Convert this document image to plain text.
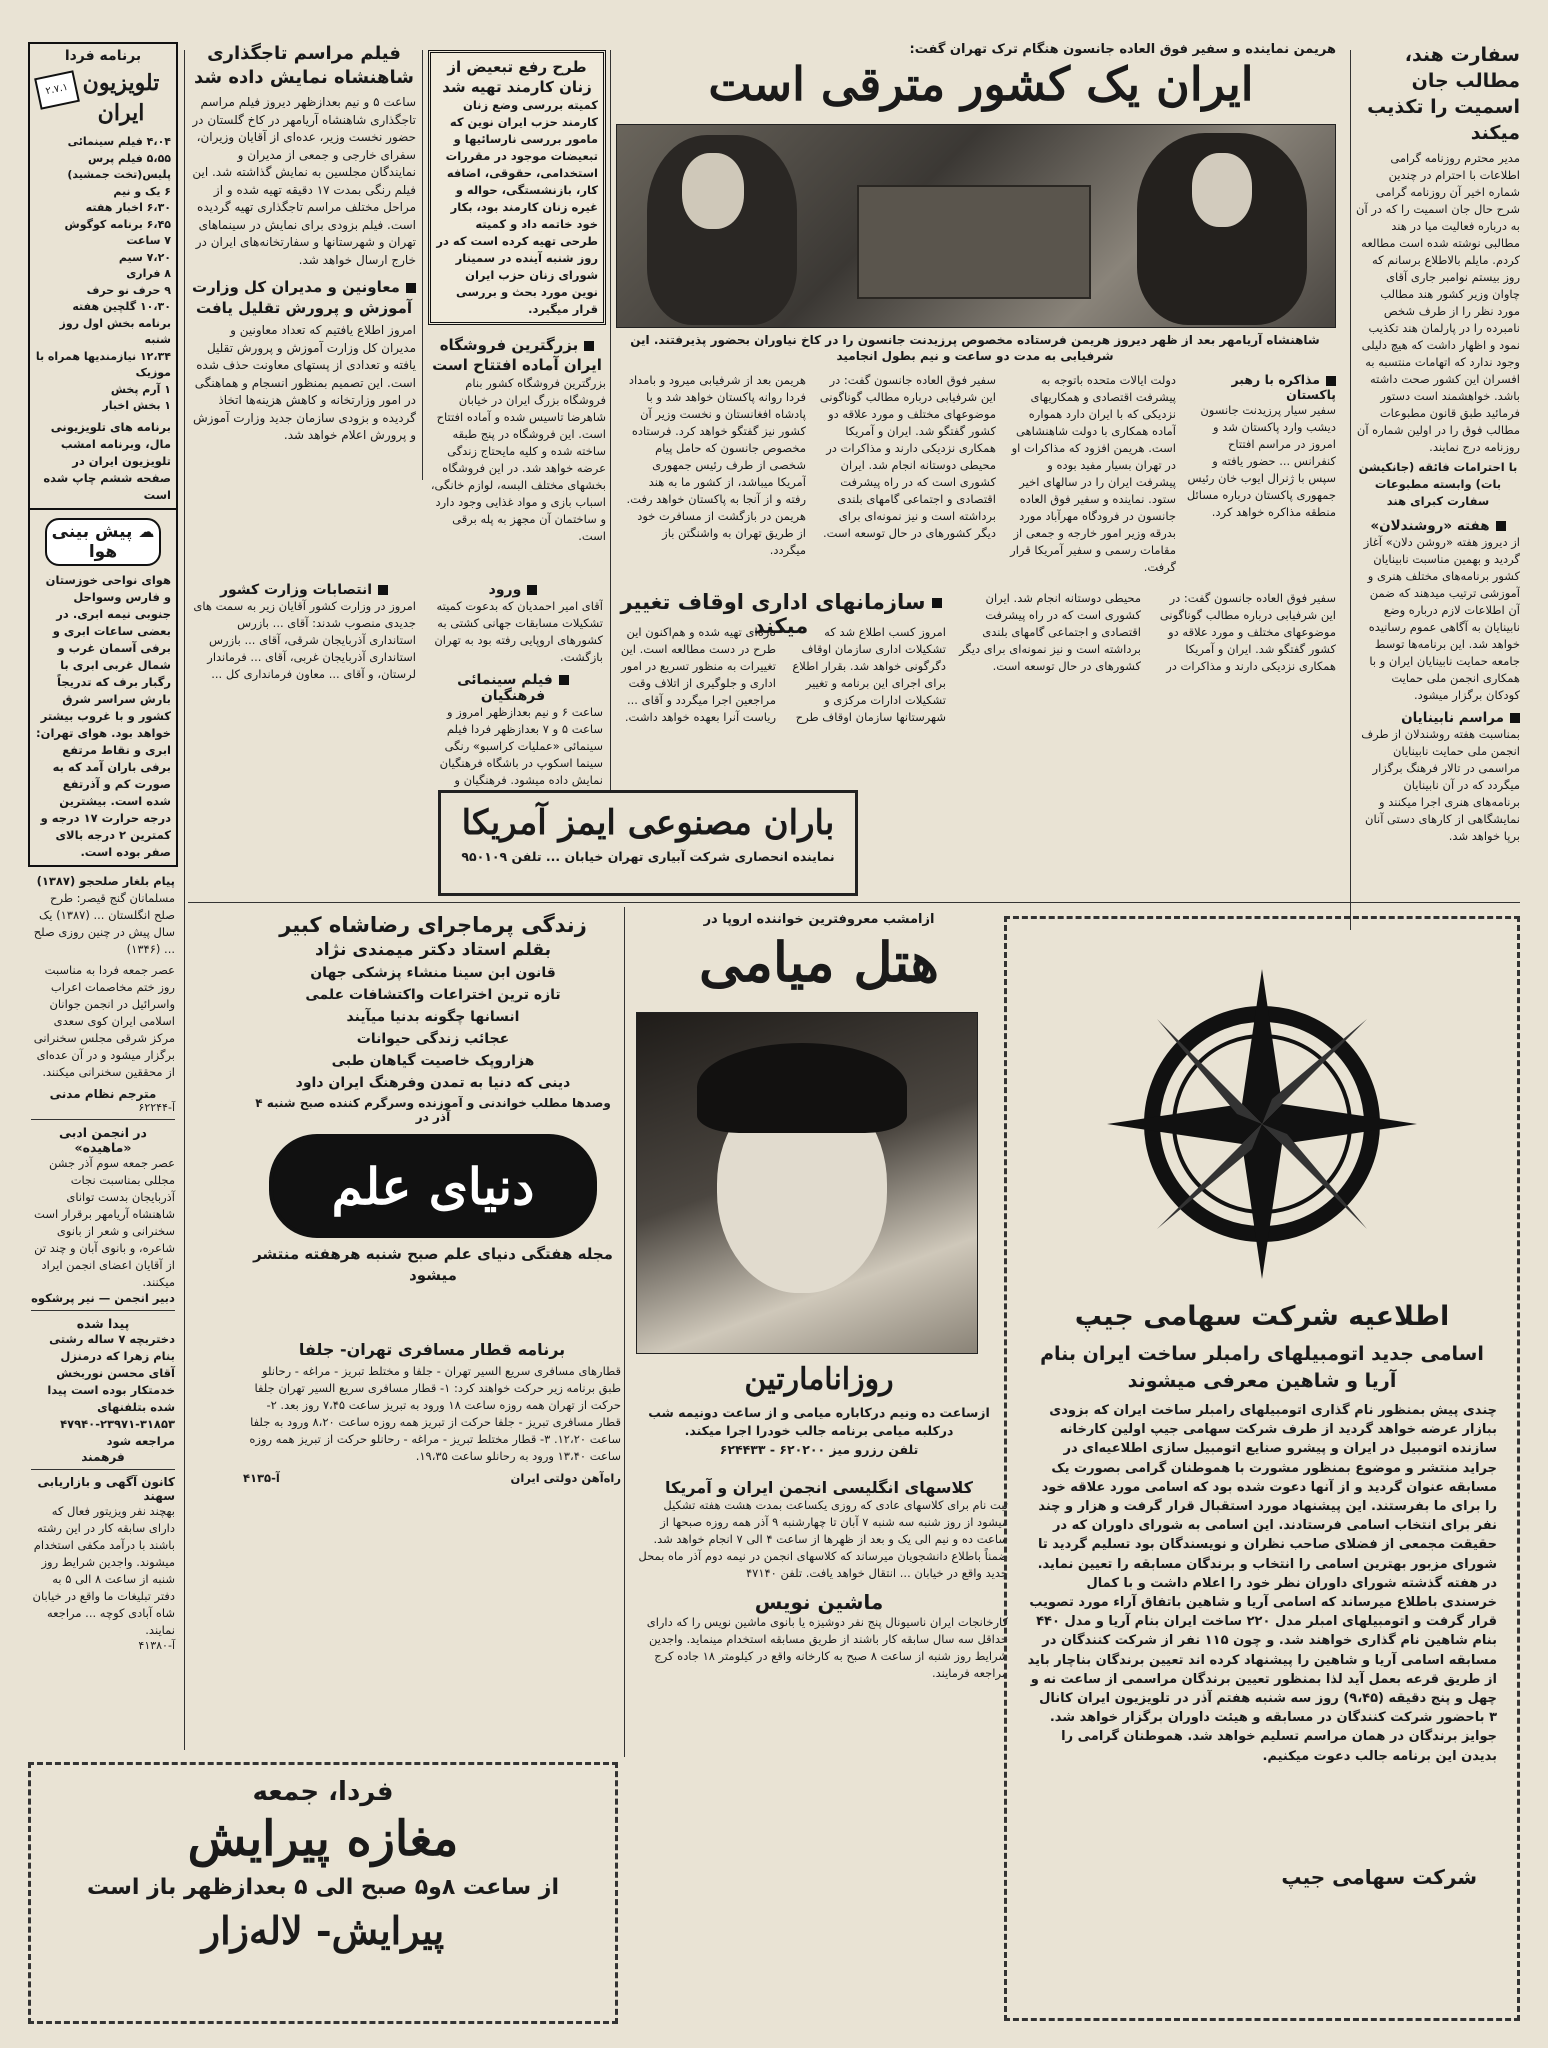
برنامه فردا
۲.۷.۱ تلویزیون ایران
۴،۰۴ فیلم سینمائی
۵،۵۵ فیلم پرس پلیس(تخت جمشید)
۶ یک و نیم
۶،۳۰ اخبار هفته
۶،۴۵ برنامه کوگوش
۷ ساعت
۷،۲۰ سیم
۸ فراری
۹ حرف نو حرف
۱۰،۳۰ گلچین هفته
برنامه بخش اول روز شنبه
۱۲،۳۴ نیازمندیها همراه با موزیک
۱ آرم پخش
۱ بخش اخبار
برنامه های تلویزیونی مال، وبرنامه امشب تلویزیون ایران در صفحه ششم چاپ شده است
☁ پیش بینی هوا
هوای نواحی خوزستان و فارس وسواحل جنوبی نیمه ابری. در بعضی ساعات ابری و برفی آسمان غرب و شمال غربی ابری با رگبار برف که تدریجاً بارش سراسر شرق کشور و با غروب بیشتر خواهد بود. هوای تهران: ابری و نقاط مرتفع برفی باران آمد که به صورت کم و آذرتفع شده است. بیشترین درجه حرارت ۱۷ درجه و کمترین ۲ درجه بالای صفر بوده است.
پیام بلغار صلحجو (۱۳۸۷)
مسلمانان گنج قیصر: طرح صلح انگلستان ... (۱۳۸۷) یک سال پیش در چنین روزی صلح ... (۱۳۴۶)
عصر جمعه فردا به مناسبت روز ختم مخاصمات اعراب واسرائیل در انجمن جوانان اسلامی ایران کوی سعدی مرکز شرقی مجلس سخنرانی برگزار میشود و در آن عده‌ای از محققین سخنرانی میکنند.
مترجم نظام مدنی
آ-۶۲۲۴۴
در انجمن ادبی «ماهیده»
عصر جمعه سوم آذر جشن مجللی بمناسبت نجات آذربایجان بدست توانای شاهنشاه آریامهر برقرار است سخنرانی و شعر از بانوی شاعره، و بانوی آبان و چند تن از آقایان اعضای انجمن ایراد میکنند.
دبیر انجمن — نیر پرشکوه
پیدا شده
دختربچه ۷ ساله رشتی بنام زهرا که درمنزل آقای محسن نوربخش خدمتکار بوده است پیدا شده بتلفنهای ۳۱۸۵۳-۲۳۹۷۱-۴۷۹۴۰ مراجعه شود
فرهمند
کانون آگهی و بازاریابی سهند
بهچند نفر ویزیتور فعال که دارای سابقه کار در این رشته باشند با درآمد مکفی استخدام میشوند. واجدین شرایط روز شنبه از ساعت ۸ الی ۵ به دفتر تبلیغات ما واقع در خیابان شاه آبادی کوچه ... مراجعه نمایند.
آ-۴۱۳۸۰
فیلم مراسم تاجگذاری شاهنشاه نمایش داده شد
ساعت ۵ و نیم بعدازظهر دیروز فیلم مراسم تاجگذاری شاهنشاه آریامهر در کاخ گلستان در حضور نخست وزیر، عده‌ای از آقایان وزیران، سفرای خارجی و جمعی از مدیران و نمایندگان مجلسین به نمایش گذاشته شد. این فیلم رنگی بمدت ۱۷ دقیقه تهیه شده و از مراحل مختلف مراسم تاجگذاری تهیه گردیده است. فیلم بزودی برای نمایش در سینماهای تهران و شهرستانها و سفارتخانه‌های ایران در خارج ارسال خواهد شد.
معاونین و مدیران کل وزارت آموزش و پرورش تقلیل یافت
امروز اطلاع یافتیم که تعداد معاونین و مدیران کل وزارت آموزش و پرورش تقلیل یافته و تعدادی از پستهای معاونت حذف شده است. این تصمیم بمنظور انسجام و هماهنگی در امور وزارتخانه و کاهش هزینه‌ها اتخاذ گردیده و بزودی سازمان جدید وزارت آموزش و پرورش اعلام خواهد شد.
انتصابات وزارت کشور
امروز در وزارت کشور آقایان زیر به سمت های جدیدی منصوب شدند: آقای ... بازرس استانداری آذربایجان شرقی، آقای ... بازرس استانداری آذربایجان غربی، آقای ... فرماندار لرستان، و آقای ... معاون فرمانداری کل ...
ورود
آقای امیر احمدیان که بدعوت کمیته تشکیلات مسابقات جهانی کشتی به کشورهای اروپایی رفته بود به تهران بازگشت.
فیلم سینمائی فرهنگیان
ساعت ۶ و نیم بعدازظهر امروز و ساعت ۵ و ۷ بعدازظهر فردا فیلم سینمائی «عملیات کراسبو» رنگی سینما اسکوپ در باشگاه فرهنگیان نمایش داده میشود. فرهنگیان و
طرح رفع تبعیض از زنان کارمند تهیه شد
کمیته بررسی وضع زنان کارمند حزب ایران نوین که مامور بررسی نارسائیها و تبعیضات موجود در مقررات استخدامی، حقوقی، اضافه کار، بازنشستگی، حواله و غیره زنان کارمند بود، بکار خود خاتمه داد و کمیته طرحی تهیه کرده است که در روز شنبه آینده در سمینار شورای زنان حزب ایران نوین مورد بحث و بررسی قرار میگیرد.
بزرگترین فروشگاه ایران آماده افتتاح است
بزرگترین فروشگاه کشور بنام فروشگاه بزرگ ایران در خیابان شاهرضا تاسیس شده و آماده افتتاح است. این فروشگاه در پنج طبقه ساخته شده و کلیه مایحتاج زندگی عرضه خواهد شد. در این فروشگاه بخشهای مختلف البسه، لوازم خانگی، اسباب بازی و مواد غذایی وجود دارد و ساختمان آن مجهز به پله برقی است.
هریمن نماینده و سفیر فوق العاده جانسون هنگام ترک تهران گفت:
ایران یک کشور مترقی است
شاهنشاه آریامهر بعد از ظهر دیروز هریمن فرستاده مخصوص پرزیدنت جانسون را در کاخ نیاوران بحضور پذیرفتند. این شرفیابی به مدت دو ساعت و نیم بطول انجامید
هریمن بعد از شرفیابی میرود و بامداد فردا روانه پاکستان خواهد شد و با پادشاه افغانستان و نخست وزیر آن کشور نیز گفتگو خواهد کرد. فرستاده مخصوص جانسون که حامل پیام شخصی از طرف رئیس جمهوری آمریکا میباشد، از کشور ما به هند رفته و از آنجا به پاکستان خواهد رفت. هریمن در بازگشت از مسافرت خود از طریق تهران به واشنگتن باز میگردد.
سفیر فوق العاده جانسون گفت: در این شرفیابی درباره مطالب گوناگونی موضوعهای مختلف و مورد علاقه دو کشور گفتگو شد. ایران و آمریکا همکاری نزدیکی دارند و مذاکرات در محیطی دوستانه انجام شد. ایران کشوری است که در راه پیشرفت اقتصادی و اجتماعی گامهای بلندی برداشته است و نیز نمونه‌ای برای دیگر کشورهای در حال توسعه است.
دولت ایالات متحده باتوجه به پیشرفت اقتصادی و همکاریهای نزدیکی که با ایران دارد همواره آماده همکاری با دولت شاهنشاهی است. هریمن افزود که مذاکرات او در تهران بسیار مفید بوده و پیشرفت ایران را در سالهای اخیر ستود. نماینده و سفیر فوق العاده جانسون در فرودگاه مهرآباد مورد بدرقه وزیر امور خارجه و جمعی از مقامات رسمی و سفیر آمریکا قرار گرفت.
مذاکره با رهبر پاکستان
سفیر سیار پرزیدنت جانسون دیشب وارد پاکستان شد و امروز در مراسم افتتاح کنفرانس ... حضور یافته و سپس با ژنرال ایوب خان رئیس جمهوری پاکستان درباره مسائل منطقه مذاکره خواهد کرد.
سفارت هند، مطالب جان اسمیت را تکذیب میکند
مدیر محترم روزنامه گرامی اطلاعات با احترام در چندین شماره اخیر آن روزنامه گرامی شرح حال جان اسمیت را که در آن به درباره فعالیت میا در هند مطالبی نوشته شده است مطالعه کردم. مایلم بالاطلاع برسانم که روز بیستم نوامبر جاری آقای چاوان وزیر کشور هند مطالب مورد نظر را از طرف شخص نامبرده را در پارلمان هند تکذیب نمود و اظهار داشت که هیچ دلیلی وجود ندارد که اتهامات منتسبه به افسران این کشور صحت داشته باشد. خواهشمند است دستور فرمائید طبق قانون مطبوعات مطالب فوق را در اولین شماره آن روزنامه درج نمایند.
با احترامات فائقه (جانکیشن بات) وابسته مطبوعات سفارت کبرای هند
هفته «روشندلان»
از دیروز هفته «روشن دلان» آغاز گردید و بهمین مناسبت نابینایان کشور برنامه‌های مختلف هنری و آموزشی ترتیب میدهند که ضمن آن اطلاعات لازم درباره وضع نابینایان به آگاهی عموم رسانیده خواهد شد. این برنامه‌ها توسط جامعه حمایت نابینایان ایران و با همکاری انجمن ملی حمایت کودکان برگزار میشود.
مراسم نابینایان
بمناسبت هفته روشندلان از طرف انجمن ملی حمایت نابینایان مراسمی در تالار فرهنگ برگزار میگردد که در آن نابینایان برنامه‌های هنری اجرا میکنند و نمایشگاهی از کارهای دستی آنان برپا خواهد شد.
سازمانهای اداری اوقاف تغییر میکند	امروز کسب اطلاع شد که تشکیلات اداری سازمان اوقاف دگرگونی خواهد شد. بقرار اطلاع برای اجرای این برنامه و تغییر تشکیلات ادارات مرکزی و شهرستانها سازمان اوقاف طرح تازه‌ای تهیه شده و هم‌اکنون این طرح در دست مطالعه است. این تغییرات به منظور تسریع در امور اداری و جلوگیری از اتلاف وقت مراجعین اجرا میگردد و آقای ... ریاست آنرا بعهده خواهد داشت.
سفیر فوق العاده جانسون گفت: در این شرفیابی درباره مطالب گوناگونی موضوعهای مختلف و مورد علاقه دو کشور گفتگو شد. ایران و آمریکا همکاری نزدیکی دارند و مذاکرات در محیطی دوستانه انجام شد. ایران کشوری است که در راه پیشرفت اقتصادی و اجتماعی گامهای بلندی برداشته است و نیز نمونه‌ای برای دیگر کشورهای در حال توسعه است.
باران مصنوعی ایمز آمریکا
نماینده انحصاری شرکت آبیاری تهران خیابان ... تلفن ۹۵۰۱۰۹
زندگی پرماجرای رضاشاه کبیر
بقلم استاد دکتر میمندی نژاد
قانون ابن سینا منشاء پزشکی جهان
تازه ترین اختراعات واکتشافات علمی
انسانها چگونه بدنیا میآیند
عجائب زندگی حیوانات
هزاروپک خاصیت گیاهان طبی
دینی که دنیا به تمدن وفرهنگ ایران داود
وصدها مطلب خواندنی و آموزنده وسرگرم کننده صبح شنبه ۴ آذر در
دنیای علم
مجله هفتگی دنیای علم صبح شنبه هرهفته منتشر میشود
برنامه قطار مسافری تهران- جلفا
قطارهای مسافری سریع السیر تهران - جلفا و مختلط تبریز - مراغه - رحانلو طبق برنامه زیر حرکت خواهند کرد: ۱- قطار مسافری سریع السیر تهران جلفا حرکت از تهران همه روزه ساعت ۱۸ ورود به تبریز ساعت ۷،۴۵ روز بعد. ۲- قطار مسافری تبریز - جلفا حرکت از تبریز همه روزه ساعت ۸،۲۰ ورود به جلفا ساعت ۱۲،۲۰. ۳- قطار مختلط تبریز - مراغه - رحانلو حرکت از تبریز همه روزه ساعت ۱۳،۴۰ ورود به رحانلو ساعت ۱۹،۳۵.
راه‌آهن دولتی ایران
آ-۴۱۳۵
ازامشب معروفترین خواننده اروپا در
هتل میامی
روزانامارتین
ازساعت ده ونیم درکاباره میامی و از ساعت دونیمه شب درکلبه میامی برنامه جالب خودرا اجرا میکند.
تلفن رزرو میز ۶۲۰۲۰۰ - ۶۲۴۴۳۳
کلاسهای انگلیسی انجمن ایران و آمریکا
ثبت نام برای کلاسهای عادی که روزی یکساعت بمدت هشت هفته تشکیل میشود از روز شنبه سه شنبه ۷ آبان تا چهارشنبه ۹ آذر همه روزه صبحها از ساعت ده و نیم الی یک و بعد از ظهرها از ساعت ۴ الی ۷ انجام خواهد شد. ضمناً باطلاع دانشجویان میرساند که کلاسهای انجمن در نیمه دوم آذر ماه بمحل جدید واقع در خیابان ... انتقال خواهد یافت. تلفن ۴۷۱۴۰
ماشین نویس
کارخانجات ایران ناسیونال پنج نفر دوشیزه یا بانوی ماشین نویس را که دارای حداقل سه سال سابقه کار باشند از طریق مسابقه استخدام مینماید. واجدین شرایط روز شنبه از ساعت ۸ صبح به کارخانه واقع در کیلومتر ۱۸ جاده کرج مراجعه فرمایند.
فردا، جمعه
مغازه پیرایش
از ساعت ۸و۵ صبح الی ۵ بعدازظهر باز است
پیرایش- لاله‌زار
اطلاعیه شرکت سهامی جیپ
اسامی جدید اتومبیلهای رامبلر ساخت ایران بنام آریا و شاهین معرفی میشوند
چندی پیش بمنظور نام گذاری اتومبیلهای رامبلر ساخت ایران که بزودی ببازار عرضه خواهد گردید از طرف شرکت سهامی جیپ اولین کارخانه سازنده اتومبیل در ایران و پیشرو صنایع اتومبیل سازی اطلاعیه‌ای در جراید منتشر و موضوع بمنظور مشورت با هموطنان گرامی بصورت یک مسابقه عنوان گردید و از آنها دعوت شده بود که اسامی مورد علاقه خود را برای ما بفرستند. این پیشنهاد مورد استقبال قرار گرفت و هزار و چند نفر برای انتخاب اسامی فرستادند. این اسامی به شورای داوران که در حقیقت مجمعی از فضلای صاحب نظران و نویسندگان بود تسلیم گردید تا شورای مزبور بهترین اسامی را انتخاب و برندگان مسابقه را تعیین نماید. در هفته گذشته شورای داوران نظر خود را اعلام داشت و با کمال خرسندی باطلاع میرساند که اسامی آریا و شاهین باتفاق آراء مورد تصویب قرار گرفت و اتومبیلهای امبلر مدل ۲۲۰ ساخت ایران بنام آریا و مدل ۴۴۰ بنام شاهین نام گذاری خواهند شد. و چون ۱۱۵ نفر از شرکت کنندگان در مسابقه اسامی آریا و شاهین را پیشنهاد کرده اند تعیین برندگان بناچار باید از طریق قرعه بعمل آید لذا بمنظور تعیین برندگان مراسمی از ساعت نه و چهل و پنج دقیقه (۹،۴۵) روز سه شنبه هفتم آذر در تلویزیون ایران کانال ۳ باحضور شرکت کنندگان در مسابقه و هیئت داوران برگزار خواهد شد. جوایز برندگان در همان مراسم تسلیم خواهد شد. هموطنان گرامی را بدیدن این برنامه جالب دعوت میکنیم.
شرکت سهامی جیپ
